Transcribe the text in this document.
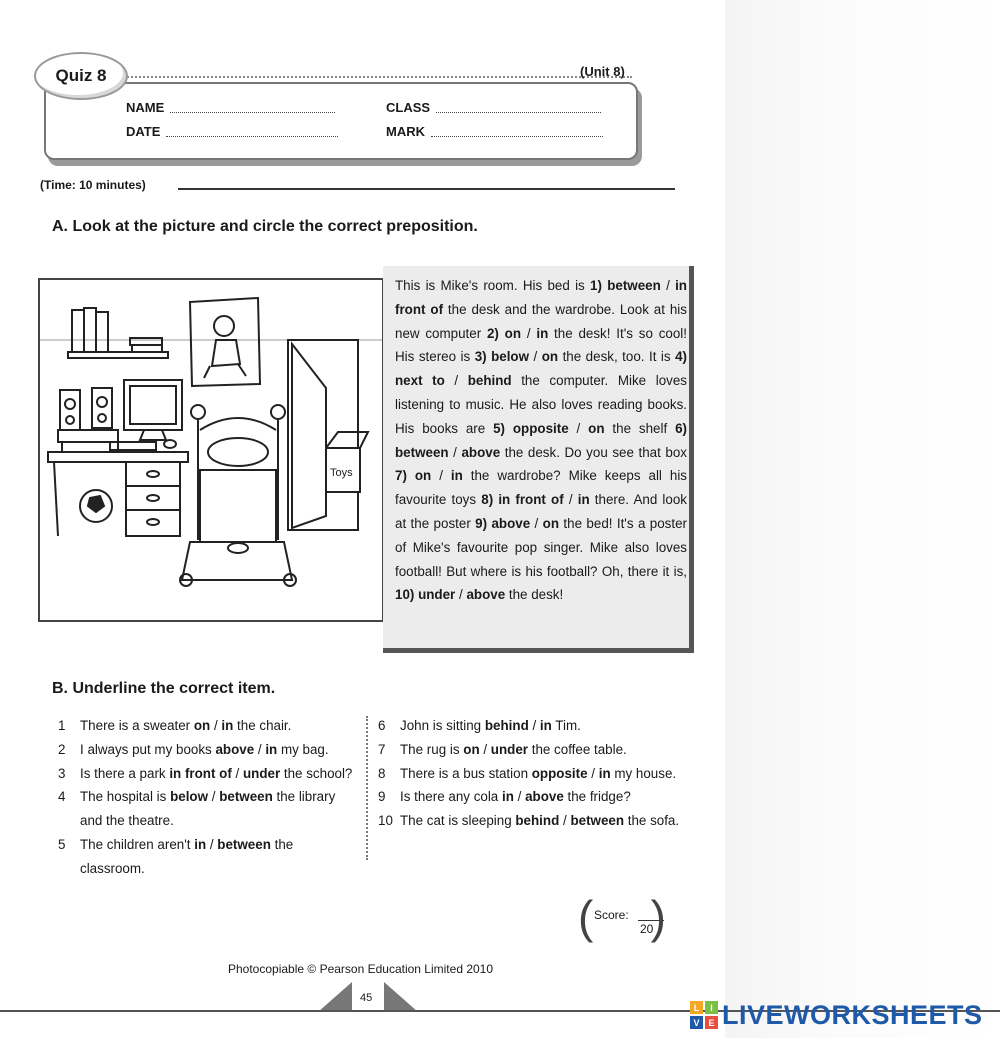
Quiz 8	(Unit 8)
NAME	CLASS
DATE	MARK
(Time: 10 minutes)
A. Look at the picture and circle the correct preposition.
Toys

This is Mike's room. His bed is 1) between / in front of the desk and the wardrobe. Look at his new computer 2) on / in the desk! It's so cool! His stereo is 3) below / on the desk, too. It is 4) next to / behind the computer. Mike loves listening to music. He also loves reading books. His books are 5) opposite / on the shelf 6) between / above the desk. Do you see that box 7) on / in the wardrobe? Mike keeps all his favourite toys 8) in front of / in there. And look at the poster 9) above / on the bed! It's a poster of Mike's favourite pop singer. Mike also loves football! But where is his football? Oh, there it is, 10) under / above the desk!

B. Underline the correct item.
1 There is a sweater on / in the chair.
2 I always put my books above / in my bag.
3 Is there a park in front of / under the school?
4 The hospital is below / between the library and the theatre.
5 The children aren't in / between the classroom.
6 John is sitting behind / in Tim.
7 The rug is on / under the coffee table.
8 There is a bus station opposite / in my house.
9 Is there any cola in / above the fridge?
10 The cat is sleeping behind / between the sofa.
( Score:
20
)
Photocopiable © Pearson Education Limited 2010
45
L	I
V E LIVEWORKSHEETS
